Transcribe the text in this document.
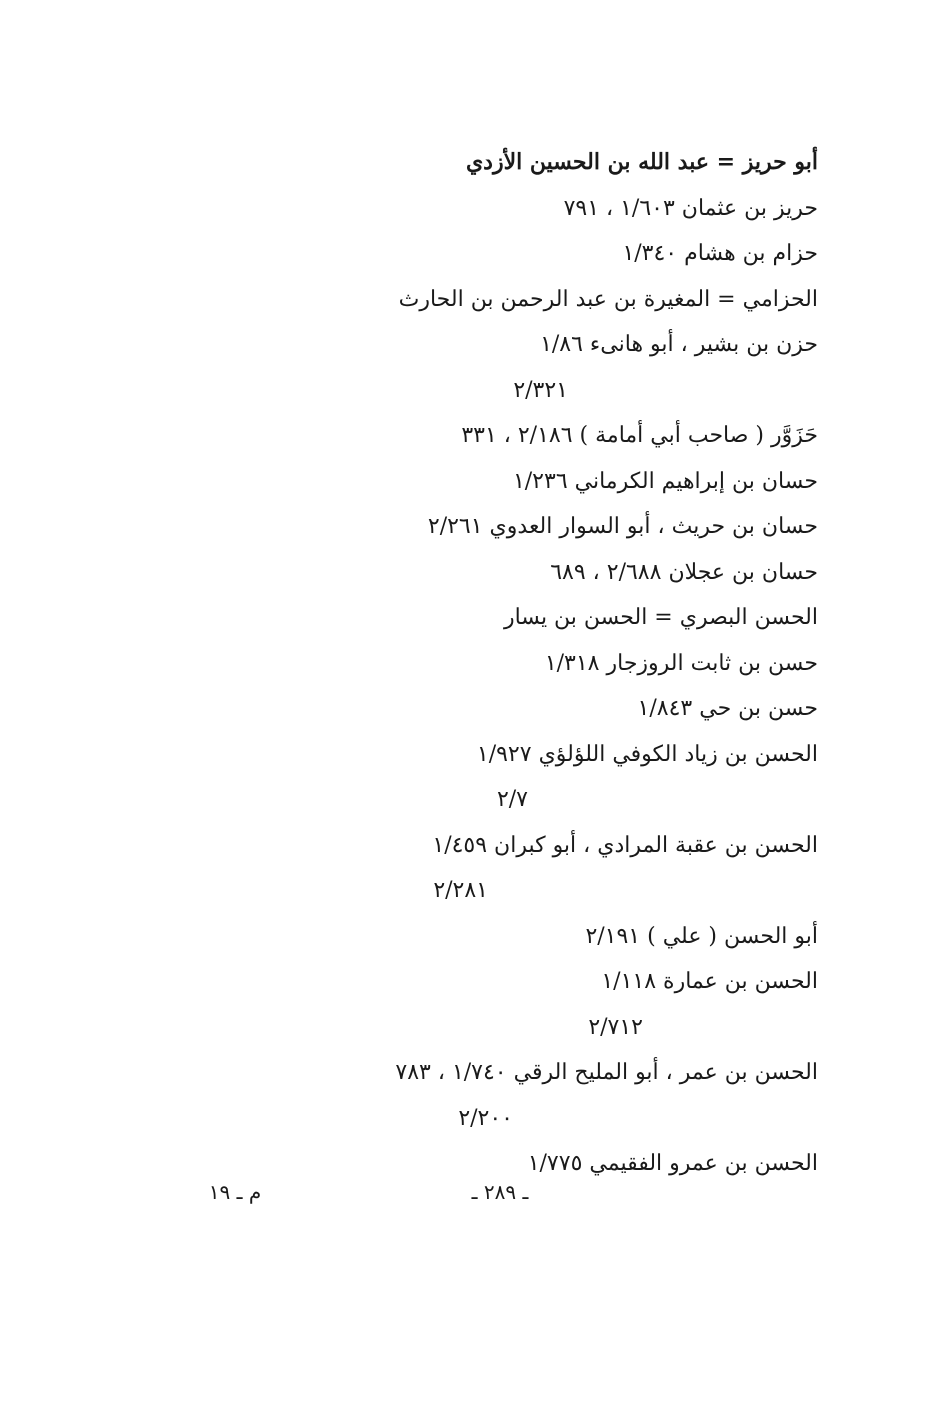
أبو حريز = عبد الله بن الحسين الأزدي
حريز بن عثمان ١/٦٠٣ ، ٧٩١
حزام بن هشام ١/٣٤٠
الحزامي = المغيرة بن عبد الرحمن بن الحارث
حزن بن بشير ، أبو هانىء ١/٨٦
٢/٣٢١
حَزَوَّر ( صاحب أبي أمامة ) ٢/١٨٦ ، ٣٣١
حسان بن إبراهيم الكرماني ١/٢٣٦
حسان بن حريث ، أبو السوار العدوي ٢/٢٦١
حسان بن عجلان ٢/٦٨٨ ، ٦٨٩
الحسن البصري = الحسن بن يسار
حسن بن ثابت الروزجار ١/٣١٨
حسن بن حي ١/٨٤٣
الحسن بن زياد الكوفي اللؤلؤي ١/٩٢٧
٢/٧
الحسن بن عقبة المرادي ، أبو كبران ١/٤٥٩
٢/٢٨١
أبو الحسن ( علي ) ٢/١٩١
الحسن بن عمارة ١/١١٨
٢/٧١٢
الحسن بن عمر ، أبو المليح الرقي ١/٧٤٠ ، ٧٨٣
٢/٢٠٠
الحسن بن عمرو الفقيمي ١/٧٧٥
ـ ٢٨٩ ـ
م ـ ١٩
